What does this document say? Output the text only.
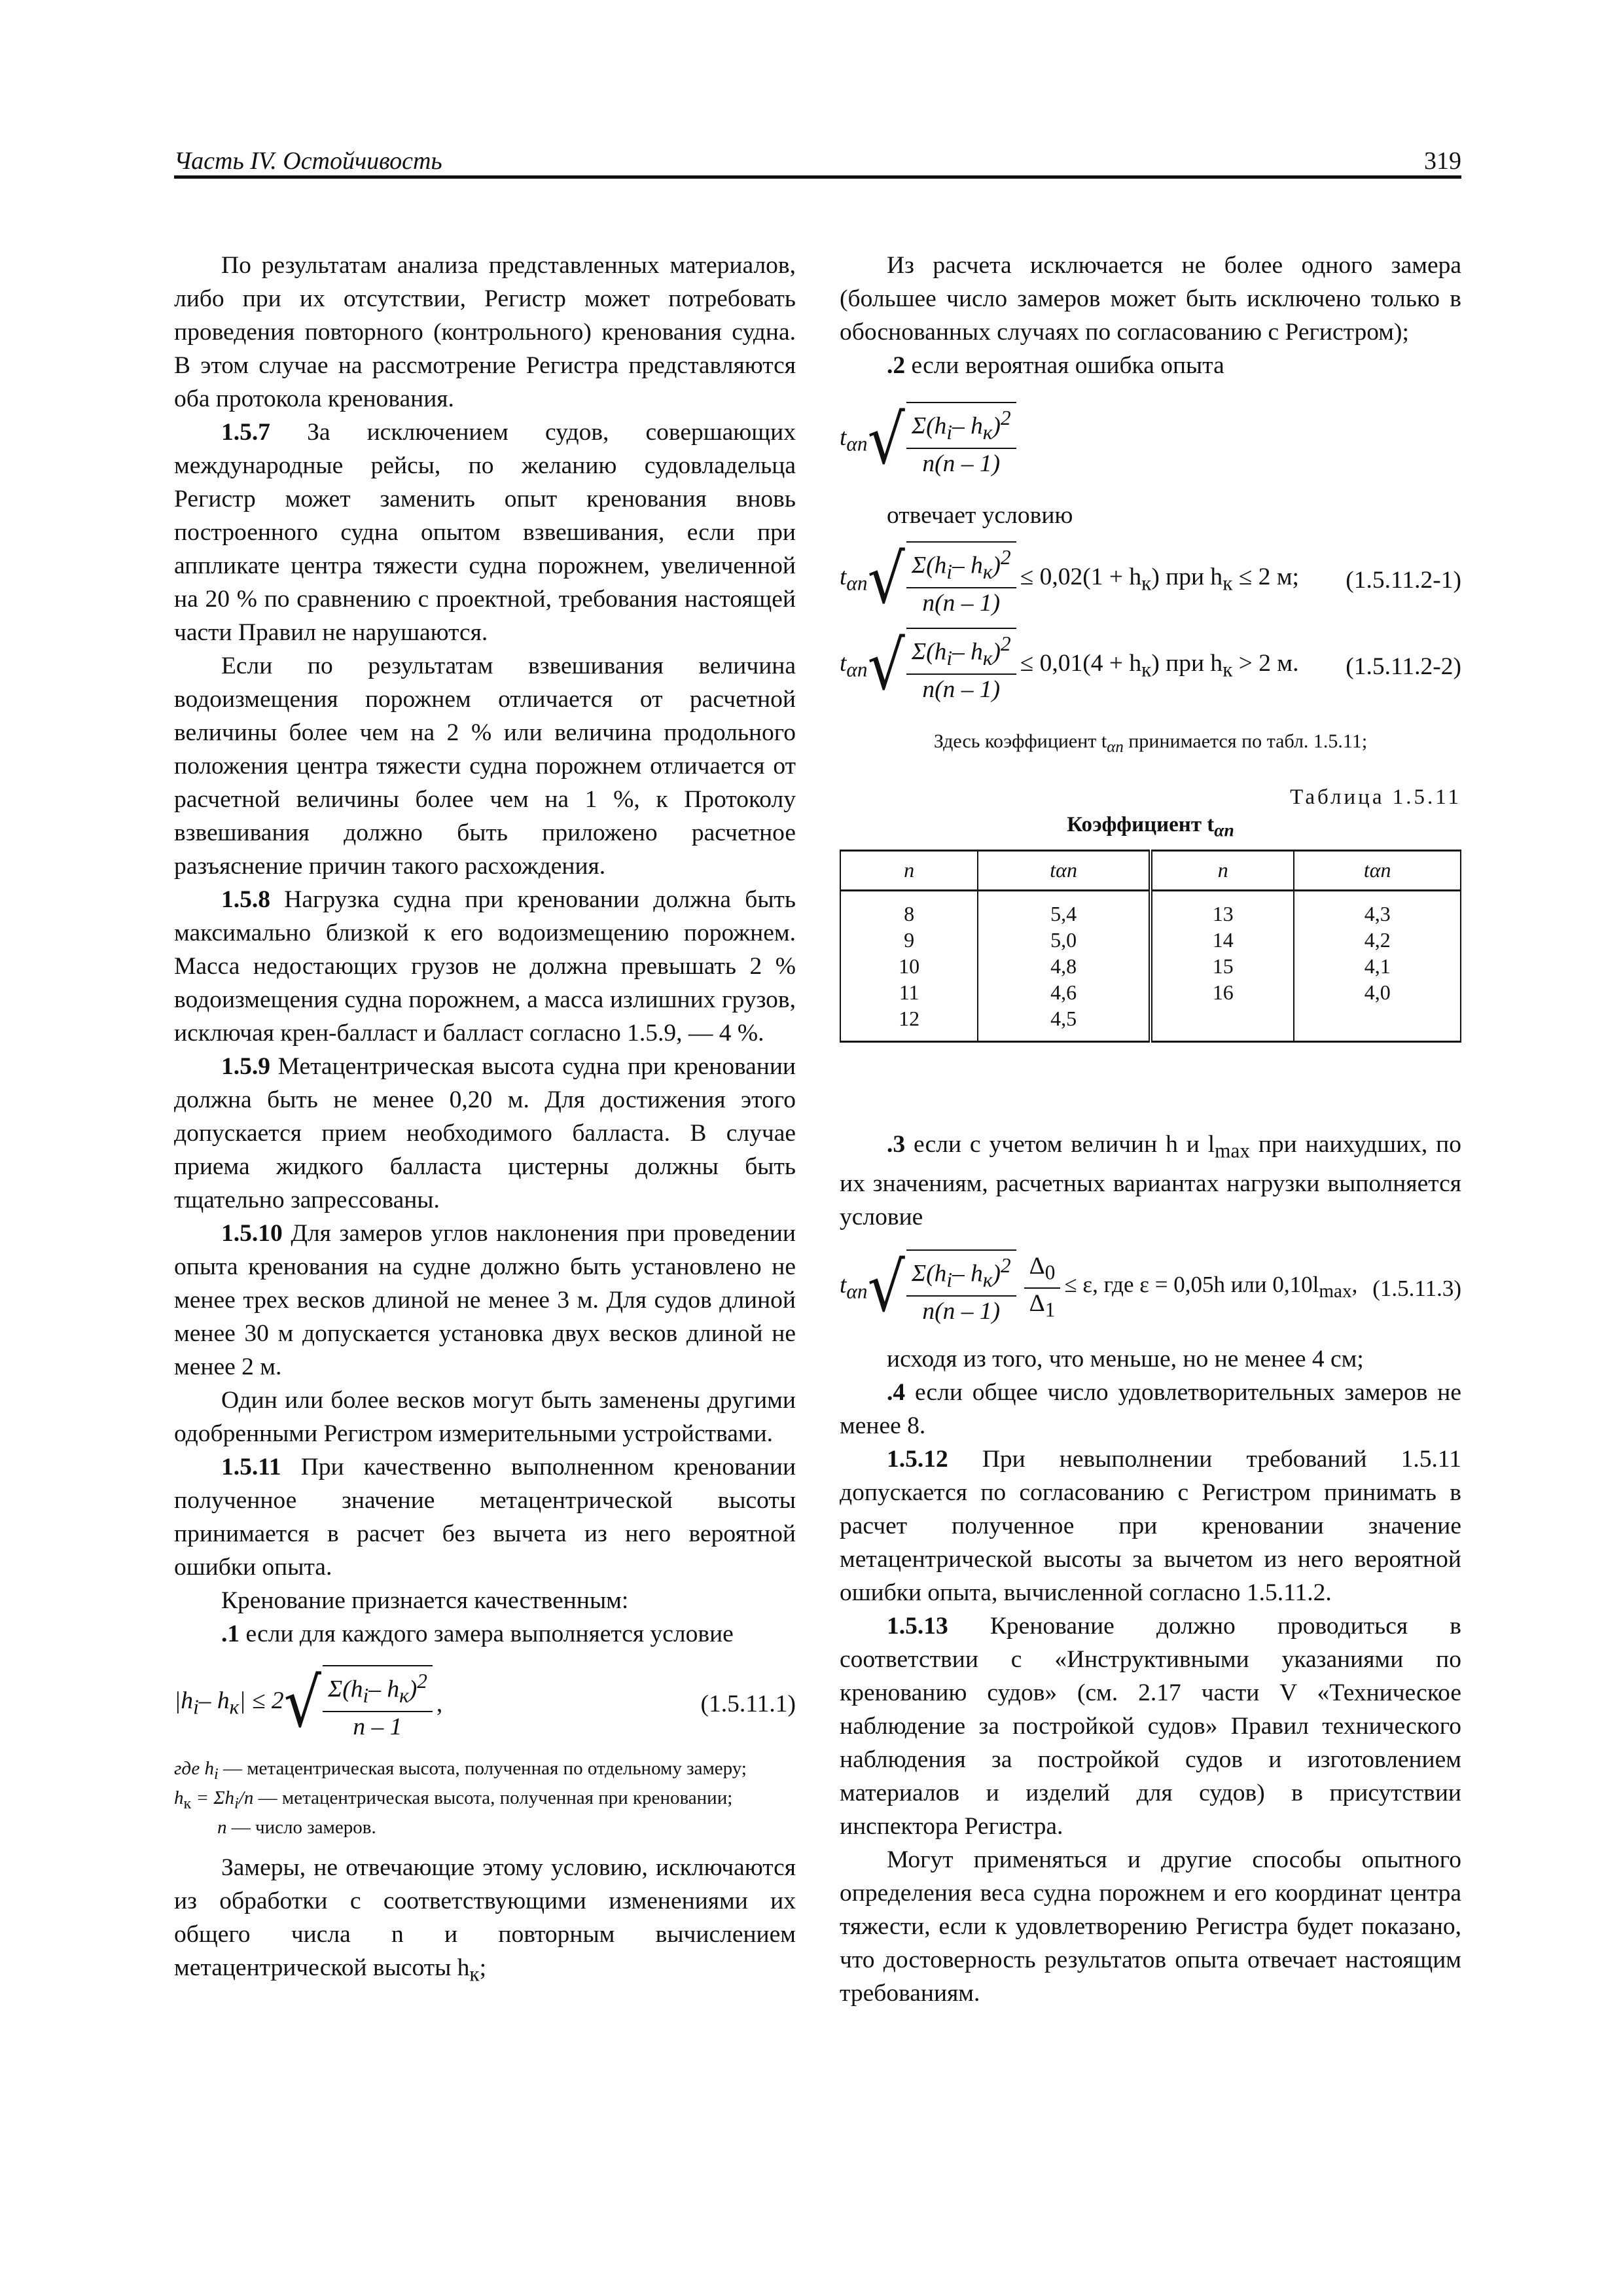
Часть IV. Остойчивость	319

По результатам анализа представленных материалов, либо при их отсутствии, Регистр может потребовать проведения повторного (контрольного) кренования судна. В этом случае на рассмотрение Регистра представляются оба протокола кренования.

1.5.7 За исключением судов, совершающих международные рейсы, по желанию судовладельца Регистр может заменить опыт кренования вновь построенного судна опытом взвешивания, если при аппликате центра тяжести судна порожнем, увеличенной на 20 % по сравнению с проектной, требования настоящей части Правил не нарушаются.

Если по результатам взвешивания величина водоизмещения порожнем отличается от расчетной величины более чем на 2 % или величина продольного положения центра тяжести судна порожнем отличается от расчетной величины более чем на 1 %, к Протоколу взвешивания должно быть приложено расчетное разъяснение причин такого расхождения.

1.5.8 Нагрузка судна при креновании должна быть максимально близкой к его водоизмещению порожнем. Масса недостающих грузов не должна превышать 2 % водоизмещения судна порожнем, а масса излишних грузов, исключая крен-балласт и балласт согласно 1.5.9, — 4 %.

1.5.9 Метацентрическая высота судна при креновании должна быть не менее 0,20 м. Для достижения этого допускается прием необходимого балласта. В случае приема жидкого балласта цистерны должны быть тщательно запрессованы.

1.5.10 Для замеров углов наклонения при проведении опыта кренования на судне должно быть установлено не менее трех весков длиной не менее 3 м. Для судов длиной менее 30 м допускается установка двух весков длиной не менее 2 м.

Один или более весков могут быть заменены другими одобренными Регистром измерительными устройствами.

1.5.11 При качественно выполненном креновании полученное значение метацентрической высоты принимается в расчет без вычета из него вероятной ошибки опыта.

Кренование признается качественным:

.1 если для каждого замера выполняется условие

$|h_i-$ $h_к| \le 2$ √ $\frac{\Sigma(h_i- h_к)^2}{n - 1}$ ,	(1.5.11.1)
где $h_i$ — метацентрическая высота, полученная по отдельному замеру;
$h_к = \Sigma h_i/n$ — метацентрическая высота, полученная при креновании;
n — число замеров.

Замеры, не отвечающие этому условию, исключаются из обработки с соответствующими изменениями их общего числа n и повторным вычислением метацентрической высоты $h_к$;

Из расчета исключается не более одного замера (большее число замеров может быть исключено только в обоснованных случаях по согласованию с Регистром);

.2 если вероятная ошибка опыта

$t_{\alpha n}$ √ $\frac{\Sigma(h_i- h_к)^2}{n(n - 1)}$

отвечает условию

$t_{\alpha n}$ √ $\frac{\Sigma(h_i- h_к)^2}{n(n - 1)} \le 0,02(1 + h_к)$ при $h_к \le 2$ м; (1.5.11.2-1)
$t_{\alpha n}$ √ $\frac{\Sigma(h_i- h_к)^2}{n(n - 1)} \le 0,01(4 + h_к)$ при $h_к > 2$ м. (1.5.11.2-2)
Здесь коэффициент $t_{\alpha n}$ принимается по табл. 1.5.11;
Таблица 1.5.11
Коэффициент $t_{\alpha n}$
n	tαn	n	tαn
8	5,4	13	4,3
9	5,0	14	4,2
10	4,8	15	4,1
11	4,6	16	4,0
12	4,5		

.3 если с учетом величин h и $l_{max}$ при наихудших, по их значениям, расчетных вариантах нагрузки выполняется условие

$t_{\alpha n}$ √ $\frac{\Sigma(h_i- h_к)^2}{n(n - 1)} \frac{\Delta_0}{\Delta_1} \le \varepsilon$, где ε = 0,05h или $0,10l_{max}$, (1.5.11.3)

исходя из того, что меньше, но не менее 4 см;

.4 если общее число удовлетворительных замеров не менее 8.

1.5.12 При невыполнении требований 1.5.11 допускается по согласованию с Регистром принимать в расчет полученное при креновании значение метацентрической высоты за вычетом из него вероятной ошибки опыта, вычисленной согласно 1.5.11.2.

1.5.13 Кренование должно проводиться в соответствии с «Инструктивными указаниями по кренованию судов» (см. 2.17 части V «Техническое наблюдение за постройкой судов» Правил технического наблюдения за постройкой судов и изготовлением материалов и изделий для судов) в присутствии инспектора Регистра.

Могут применяться и другие способы опытного определения веса судна порожнем и его координат центра тяжести, если к удовлетворению Регистра будет показано, что достоверность результатов опыта отвечает настоящим требованиям.
